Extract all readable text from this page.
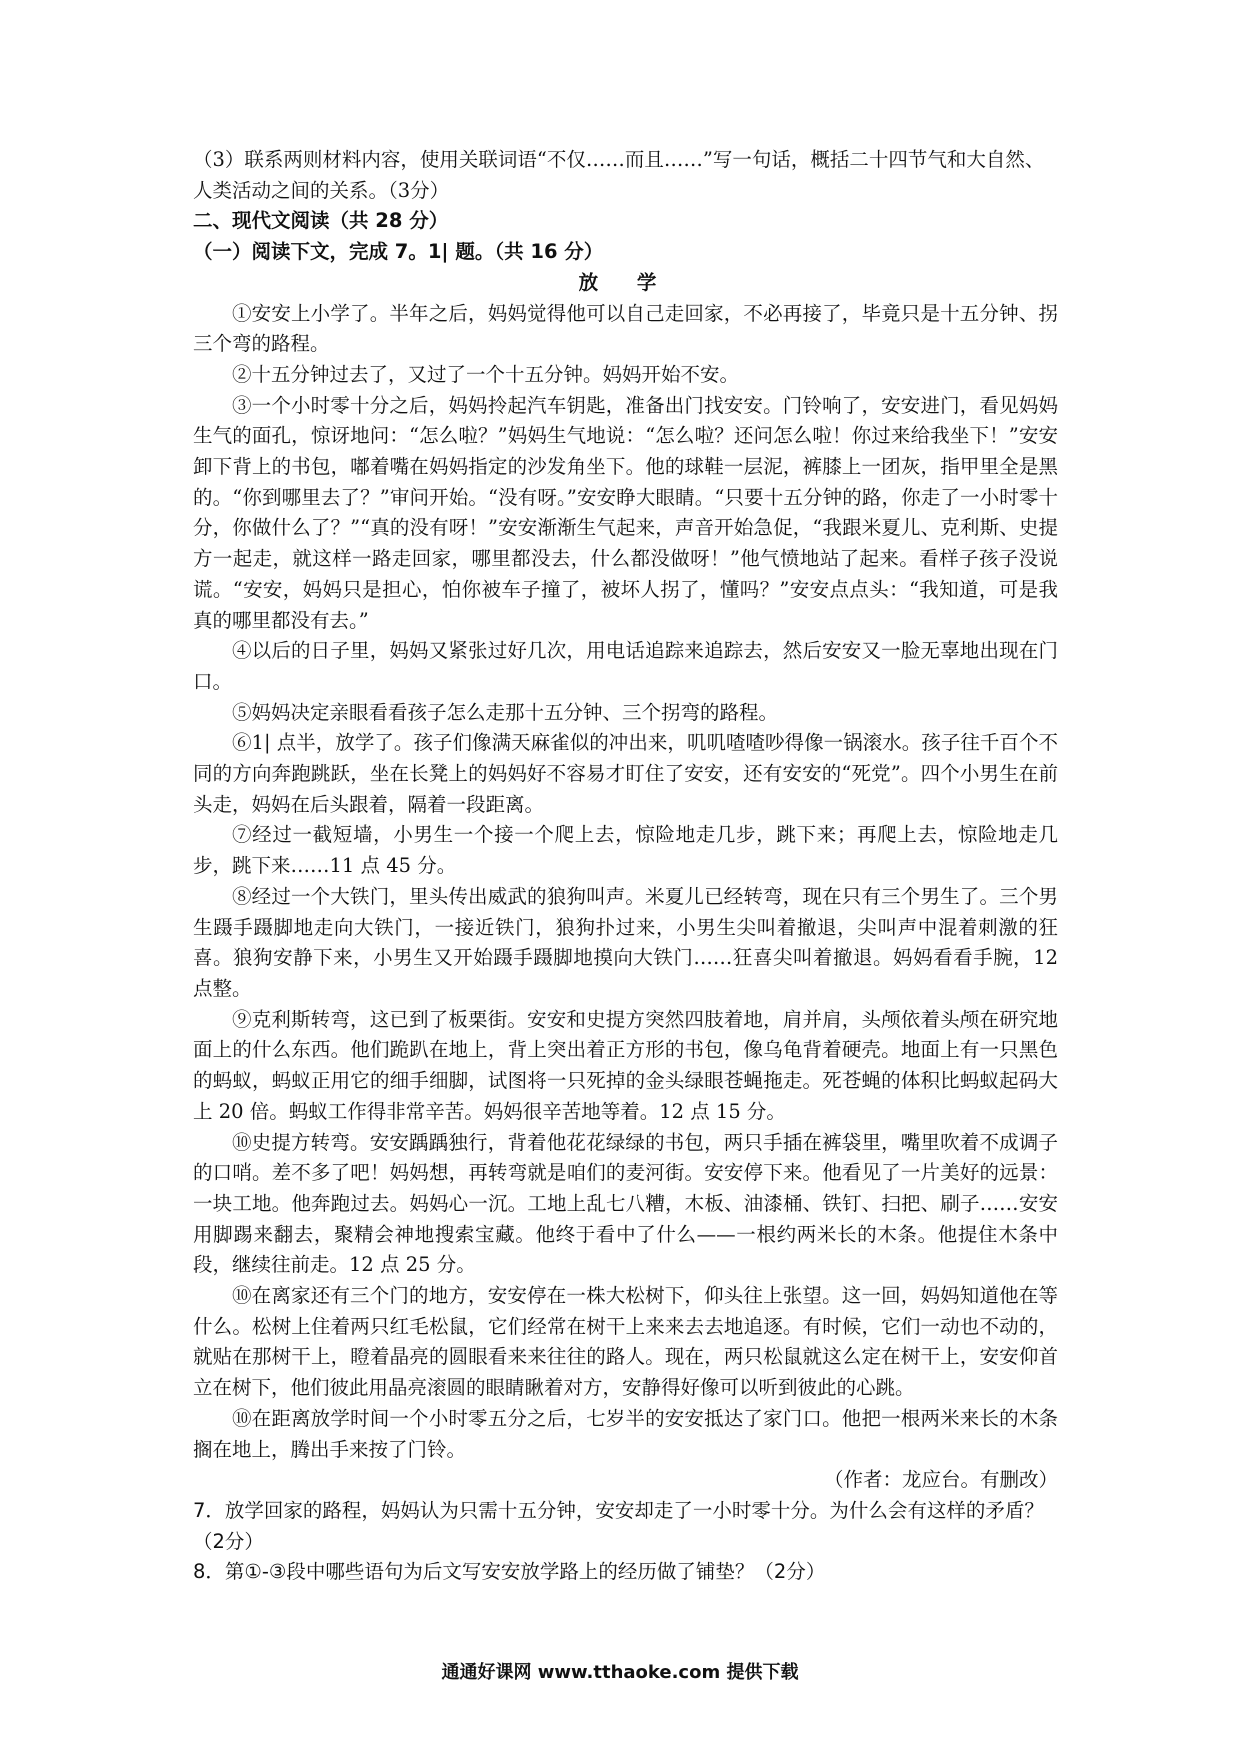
（3）联系两则材料内容，使用关联词语“不仅……而且……”写一句话，概括二十四节气和大自然、人类活动之间的关系。（3分）

二、现代文阅读（共 28 分）

（一）阅读下文，完成 7。1| 题。（共 16 分）

放 学

①安安上小学了。半年之后，妈妈觉得他可以自己走回家，不必再接了，毕竟只是十五分钟、拐三个弯的路程。

②十五分钟过去了，又过了一个十五分钟。妈妈开始不安。

③一个小时零十分之后，妈妈拎起汽车钥匙，准备出门找安安。门铃响了，安安进门，看见妈妈生气的面孔，惊讶地问：“怎么啦？”妈妈生气地说：“怎么啦？还问怎么啦！你过来给我坐下！”安安卸下背上的书包，嘟着嘴在妈妈指定的沙发角坐下。他的球鞋一层泥，裤膝上一团灰，指甲里全是黑的。“你到哪里去了？”审问开始。“没有呀。”安安睁大眼睛。“只要十五分钟的路，你走了一小时零十分，你做什么了？”“真的没有呀！”安安渐渐生气起来，声音开始急促，“我跟米夏儿、克利斯、史提方一起走，就这样一路走回家，哪里都没去，什么都没做呀！”他气愤地站了起来。看样子孩子没说谎。“安安，妈妈只是担心，怕你被车子撞了，被坏人拐了，懂吗？”安安点点头：“我知道，可是我真的哪里都没有去。”

④以后的日子里，妈妈又紧张过好几次，用电话追踪来追踪去，然后安安又一脸无辜地出现在门口。

⑤妈妈决定亲眼看看孩子怎么走那十五分钟、三个拐弯的路程。

⑥1| 点半，放学了。孩子们像满天麻雀似的冲出来，叽叽喳喳吵得像一锅滚水。孩子往千百个不同的方向奔跑跳跃，坐在长凳上的妈妈好不容易才盯住了安安，还有安安的“死党”。四个小男生在前头走，妈妈在后头跟着，隔着一段距离。

⑦经过一截短墙，小男生一个接一个爬上去，惊险地走几步，跳下来；再爬上去，惊险地走几步，跳下来……11 点 45 分。

⑧经过一个大铁门，里头传出威武的狼狗叫声。米夏儿已经转弯，现在只有三个男生了。三个男生蹑手蹑脚地走向大铁门，一接近铁门，狼狗扑过来，小男生尖叫着撤退，尖叫声中混着刺激的狂喜。狼狗安静下来，小男生又开始蹑手蹑脚地摸向大铁门……狂喜尖叫着撤退。妈妈看看手腕，12 点整。

⑨克利斯转弯，这已到了板栗街。安安和史提方突然四肢着地，肩并肩，头颅依着头颅在研究地面上的什么东西。他们跪趴在地上，背上突出着正方形的书包，像乌龟背着硬壳。地面上有一只黑色的蚂蚁，蚂蚁正用它的细手细脚，试图将一只死掉的金头绿眼苍蝇拖走。死苍蝇的体积比蚂蚁起码大上 20 倍。蚂蚁工作得非常辛苦。妈妈很辛苦地等着。12 点 15 分。

⑩史提方转弯。安安踽踽独行，背着他花花绿绿的书包，两只手插在裤袋里，嘴里吹着不成调子的口哨。差不多了吧！妈妈想，再转弯就是咱们的麦河街。安安停下来。他看见了一片美好的远景：一块工地。他奔跑过去。妈妈心一沉。工地上乱七八糟，木板、油漆桶、铁钉、扫把、刷子……安安用脚踢来翻去，聚精会神地搜索宝藏。他终于看中了什么——一根约两米长的木条。他提住木条中段，继续往前走。12 点 25 分。

⑩在离家还有三个门的地方，安安停在一株大松树下，仰头往上张望。这一回，妈妈知道他在等什么。松树上住着两只红毛松鼠，它们经常在树干上来来去去地追逐。有时候，它们一动也不动的，就贴在那树干上，瞪着晶亮的圆眼看来来往往的路人。现在，两只松鼠就这么定在树干上，安安仰首立在树下，他们彼此用晶亮滚圆的眼睛瞅着对方，安静得好像可以听到彼此的心跳。

⑩在距离放学时间一个小时零五分之后，七岁半的安安抵达了家门口。他把一根两米来长的木条搁在地上，腾出手来按了门铃。

（作者：龙应台。有删改）

7．放学回家的路程，妈妈认为只需十五分钟，安安却走了一小时零十分。为什么会有这样的矛盾？（2分）

8．第①-③段中哪些语句为后文写安安放学路上的经历做了铺垫？（2分）

通通好课网 www.tthaoke.com 提供下载
